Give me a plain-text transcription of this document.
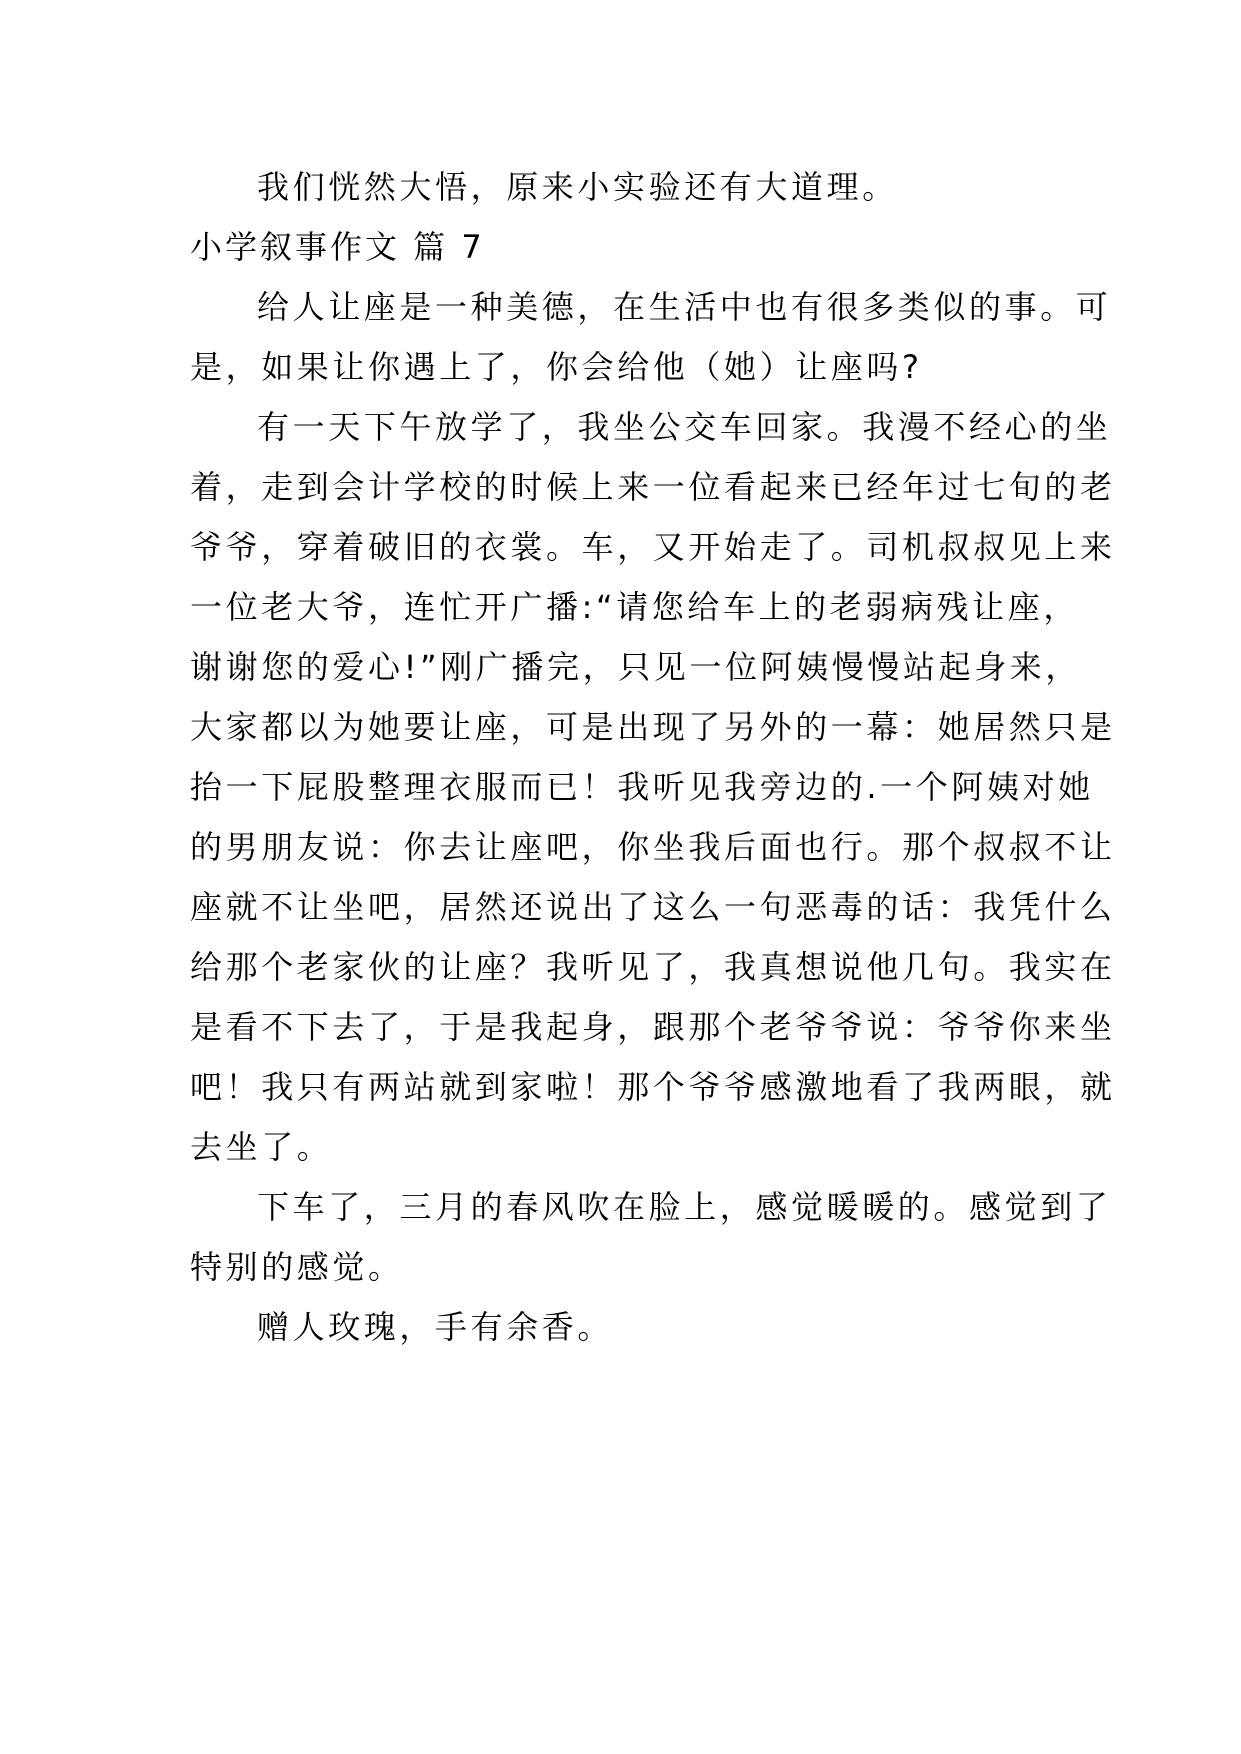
我们恍然大悟，原来小实验还有大道理。
小学叙事作文 篇 7
给人让座是一种美德，在生活中也有很多类似的事。可
是，如果让你遇上了，你会给他（她）让座吗?
有一天下午放学了，我坐公交车回家。我漫不经心的坐
着，走到会计学校的时候上来一位看起来已经年过七旬的老
爷爷，穿着破旧的衣裳。车，又开始走了。司机叔叔见上来
一位老大爷，连忙开广播:“请您给车上的老弱病残让座，
谢谢您的爱心!”刚广播完，只见一位阿姨慢慢站起身来，
大家都以为她要让座，可是出现了另外的一幕：她居然只是
抬一下屁股整理衣服而已！我听见我旁边的.一个阿姨对她
的男朋友说：你去让座吧，你坐我后面也行。那个叔叔不让
座就不让坐吧，居然还说出了这么一句恶毒的话：我凭什么
给那个老家伙的让座？我听见了，我真想说他几句。我实在
是看不下去了，于是我起身，跟那个老爷爷说：爷爷你来坐
吧！我只有两站就到家啦！那个爷爷感激地看了我两眼，就
去坐了。
下车了，三月的春风吹在脸上，感觉暖暖的。感觉到了
特别的感觉。
赠人玫瑰，手有余香。
